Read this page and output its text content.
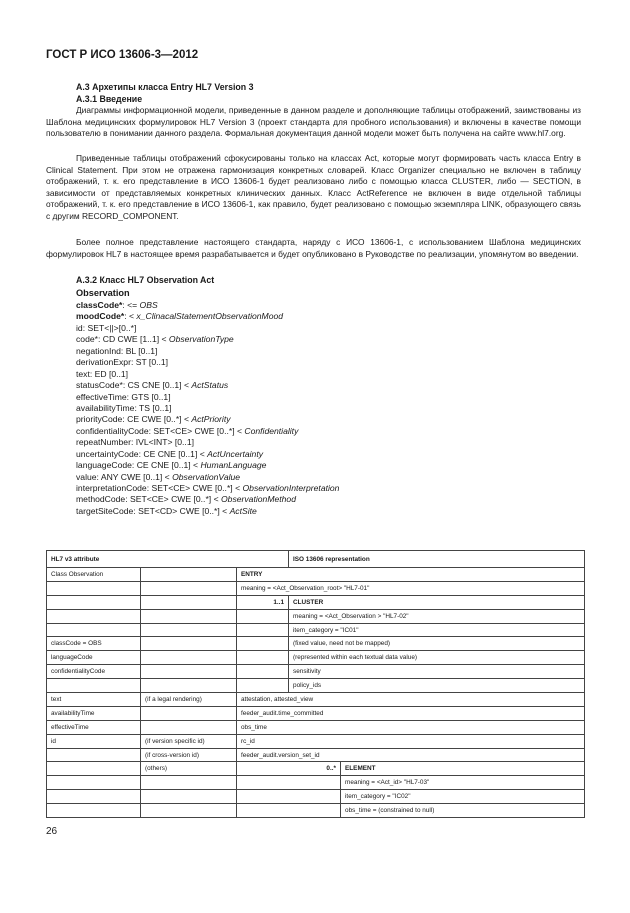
ГОСТ Р ИСО 13606-3—2012
А.3 Архетипы класса Entry HL7 Version 3
А.3.1 Введение

Диаграммы информационной модели, приведенные в данном разделе и дополняющие таблицы отображений, заимствованы из Шаблона медицинских формулировок HL7 Version 3 (проект стандарта для пробного использования) и включены в качестве помощи пользователю в понимании данного раздела. Формальная документация данной модели может быть получена на сайте www.hl7.org.

Приведенные таблицы отображений сфокусированы только на классах Act, которые могут формировать часть класса Entry в Clinical Statement. При этом не отражена гармонизация конкретных словарей. Класс Organizer специально не включен в таблицу отображений, т. к. его представление в ИСО 13606-1 будет реализовано либо с помощью класса CLUSTER, либо — SECTION, в зависимости от представляемых конкретных клинических данных. Класс ActReference не включен в виде отдельной таблицы отображений, т. к. его представление в ИСО 13606-1, как правило, будет реализовано с помощью экземпляра LINK, образующего связь с другим RECORD_COMPONENT.

Более полное представление настоящего стандарта, наряду с ИСО 13606-1, с использованием Шаблона медицинских формулировок HL7 в настоящее время разрабатывается и будет опубликовано в Руководстве по реализации, упомянутом во введении.

А.3.2 Класс HL7 Observation Act
Observation
classCode*: <= OBS
moodCode*: < x_ClinacalStatementObservationMood
id: SET<||>[0..*]
code*: CD CWE [1..1] < ObservationType
negationInd: BL [0..1]
derivationExpr: ST [0..1]
text: ED [0..1]
statusCode*: CS CNE [0..1] < ActStatus
effectiveTime: GTS [0..1]
availabilityTime: TS [0..1]
priorityCode: CE CWE [0..*] < ActPriority
confidentialityCode: SET<CE> CWE [0..*] < Confidentiality
repeatNumber: IVL<INT> [0..1]
uncertaintyCode: CE CNE [0..1] < ActUncertainty
languageCode: CE CNE [0..1] < HumanLanguage
value: ANY CWE [0..1] < ObservationValue
interpretationCode: SET<CE> CWE [0..*] < ObservationInterpretation
methodCode: SET<CE> CWE [0..*] < ObservationMethod
targetSiteCode: SET<CD> CWE [0..*] < ActSite
HL7 v3 attribute			ISO 13606 representation	
Class Observation		ENTRY		
		meaning = <Act_Observation_root> "HL7-01"		
		1..1	CLUSTER	
			meaning = <Act_Observation > "HL7-02"	
			item_category = "IC01"	
classCode = OBS			(fixed value, need not be mapped)	
languageCode			(represented within each textual data value)	
confidentialityCode			sensitivity	
			policy_ids	
text	(if a legal rendering)	attestation, attested_view		
availabilityTime		feeder_audit.time_committed		
effectiveTime		obs_time		
id	(if version specific id)	rc_id		
	(if cross-version id)	feeder_audit.version_set_id		
	(others)	0..*		ELEMENT
				meaning = <Act_id> "HL7-03"
				item_category = "IC02"
				obs_time = (constrained to null)
26
